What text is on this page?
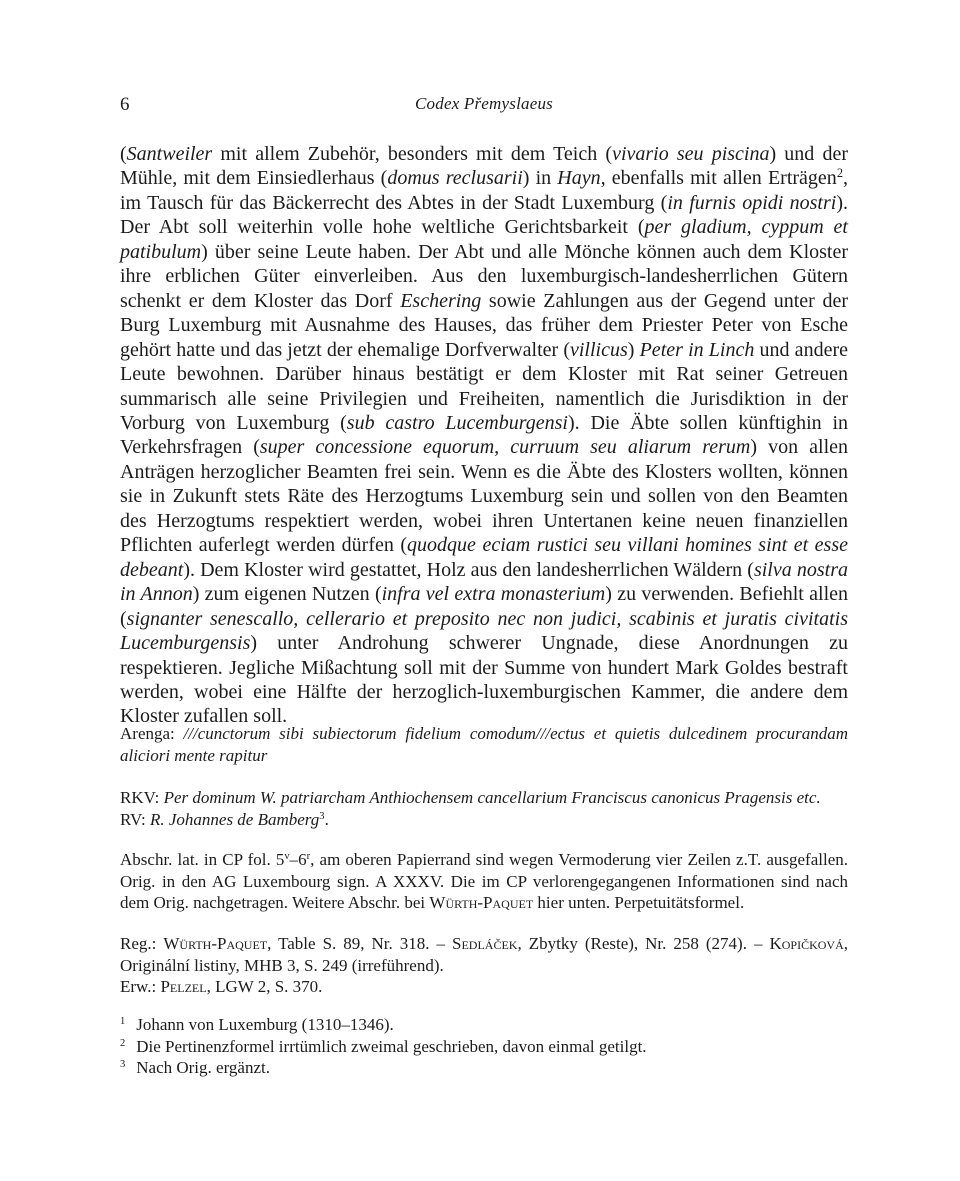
6	Codex Přemyslaeus

(Santweiler mit allem Zubehör, besonders mit dem Teich (vivario seu piscina) und der Mühle, mit dem Einsiedlerhaus (domus reclusarii) in Hayn, ebenfalls mit allen Erträgen$^2$, im Tausch für das Bäckerrecht des Abtes in der Stadt Luxemburg (in furnis opidi nostri). Der Abt soll weiterhin volle hohe weltliche Gerichtsbarkeit (per gladium, cyppum et patibulum) über seine Leute haben. Der Abt und alle Mönche können auch dem Kloster ihre erblichen Güter einverleiben. Aus den luxemburgisch-landesherrlichen Gütern schenkt er dem Kloster das Dorf Eschering sowie Zahlungen aus der Gegend unter der Burg Luxemburg mit Ausnahme des Hauses, das früher dem Priester Peter von Esche gehört hatte und das jetzt der ehemalige Dorfverwalter (villicus) Peter in Linch und andere Leute bewohnen. Darüber hinaus bestätigt er dem Kloster mit Rat seiner Getreuen summarisch alle seine Privilegien und Freiheiten, namentlich die Jurisdiktion in der Vorburg von Luxemburg (sub castro Lucemburgensi). Die Äbte sollen künftighin in Verkehrsfragen (super concessione equorum, curruum seu aliarum rerum) von allen Anträgen herzoglicher Beamten frei sein. Wenn es die Äbte des Klosters wollten, können sie in Zukunft stets Räte des Herzogtums Luxemburg sein und sollen von den Beamten des Herzogtums respektiert werden, wobei ihren Untertanen keine neuen finanziellen Pflichten auferlegt werden dürfen (quodque eciam rustici seu villani homines sint et esse debeant). Dem Kloster wird gestattet, Holz aus den landesherrlichen Wäldern (silva nostra in Annon) zum eigenen Nutzen (infra vel extra monasterium) zu verwenden. Befiehlt allen (signanter senescallo, cellerario et preposito nec non judici, scabinis et juratis civitatis Lucemburgensis) unter Androhung schwerer Ungnade, diese Anordnungen zu respektieren. Jegliche Mißachtung soll mit der Summe von hundert Mark Goldes bestraft werden, wobei eine Hälfte der herzoglich-luxemburgischen Kammer, die andere dem Kloster zufallen soll.

Arenga: ///cunctorum sibi subiectorum fidelium comodum///ectus et quietis dulcedinem procurandam aliciori mente rapitur

RKV: Per dominum W. patriarcham Anthiochensem cancellarium Franciscus canonicus Pragensis etc.
RV: R. Johannes de Bamberg$^3$.

Abschr. lat. in CP fol. 5$^v$–6$^r$, am oberen Papierrand sind wegen Vermoderung vier Zeilen z.T. ausgefallen. Orig. in den AG Luxembourg sign. A XXXV. Die im CP verlorengegangenen Informationen sind nach dem Orig. nachgetragen. Weitere Abschr. bei Würth-Paquet hier unten. Perpetuitätsformel.

Reg.: Würth-Paquet, Table S. 89, Nr. 318. – Sedláček, Zbytky (Reste), Nr. 258 (274). – Kopičková, Originální listiny, MHB 3, S. 249 (irreführend).
Erw.: Pelzel, LGW 2, S. 370.

1 Johann von Luxemburg (1310–1346).
2 Die Pertinenzformel irrtümlich zweimal geschrieben, davon einmal getilgt.
3 Nach Orig. ergänzt.
